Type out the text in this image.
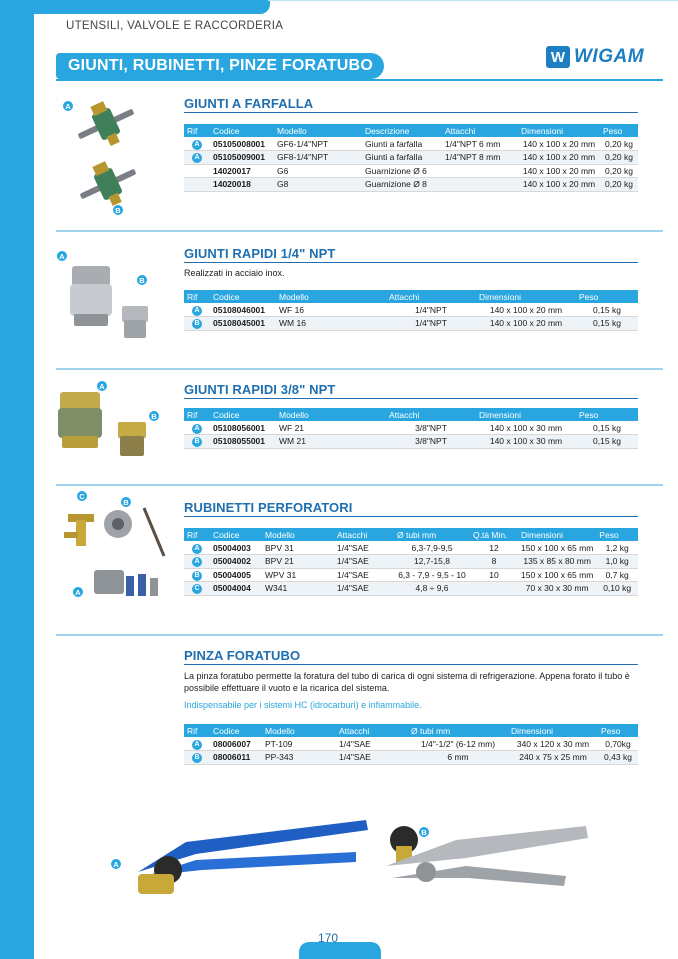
UTENSILI, VALVOLE E RACCORDERIA
GIUNTI, RUBINETTI, PINZE FORATUBO	W WIGAM
A
B
GIUNTI A FARFALLA
Rif	Codice	Modello	Descrizione	Attacchi	Dimensioni	Peso
A	05105008001	GF6-1/4"NPT	Giunti a farfalla	1/4"NPT 6 mm	140 x 100 x 20 mm	0,20 kg
A	05105009001	GF8-1/4"NPT	Giunti a farfalla	1/4"NPT 8 mm	140 x 100 x 20 mm	0,20 kg
	14020017	G6	Guarnizione Ø 6		140 x 100 x 20 mm	0,20 kg
	14020018	G8	Guarnizione Ø 8		140 x 100 x 20 mm	0,20 kg
A
B
GIUNTI RAPIDI 1/4" NPT
Realizzati in acciaio inox.
Rif	Codice	Modello	Attacchi	Dimensioni	Peso
A	05108046001	WF 16	1/4"NPT	140 x 100 x 20 mm	0,15 kg
B	05108045001	WM 16	1/4"NPT	140 x 100 x 20 mm	0,15 kg
A
B
GIUNTI RAPIDI 3/8" NPT
Rif	Codice	Modello	Attacchi	Dimensioni	Peso
A	05108056001	WF 21	3/8"NPT	140 x 100 x 30 mm	0,15 kg
B	05108055001	WM 21	3/8"NPT	140 x 100 x 30 mm	0,15 kg
C
B
A
RUBINETTI PERFORATORI
Rif	Codice	Modello	Attacchi	Ø tubi mm	Q.tà Min.	Dimensioni	Peso
A	05004003	BPV 31	1/4"SAE	6,3-7,9-9,5	12	150 x 100 x 65 mm	1,2 kg
A	05004002	BPV 21	1/4"SAE	12,7-15,8	8	135 x 85 x 80 mm	1,0 kg
B	05004005	WPV 31	1/4"SAE	6,3 - 7,9 - 9,5 - 10	10	150 x 100 x 65 mm	0,7 kg
C	05004004	W341	1/4"SAE	4,8 ÷ 9,6		70 x 30 x 30 mm	0,10 kg
PINZA FORATUBO
La pinza foratubo permette la foratura del tubo di carica di ogni sistema di refrigerazione. Appena forato il tubo è possibile effettuare il vuoto e la ricarica del sistema.
Indispensabile per i sistemi HC (idrocarburi) e infiammabile.
Rif	Codice	Modello	Attacchi	Ø tubi mm	Dimensioni	Peso
A	08006007	PT-109	1/4"SAE	1/4"-1/2" (6-12 mm)	340 x 120 x 30 mm	0,70kg
B	08006011	PP-343	1/4"SAE	6 mm	240 x 75 x 25 mm	0,43 kg
A
B
170
